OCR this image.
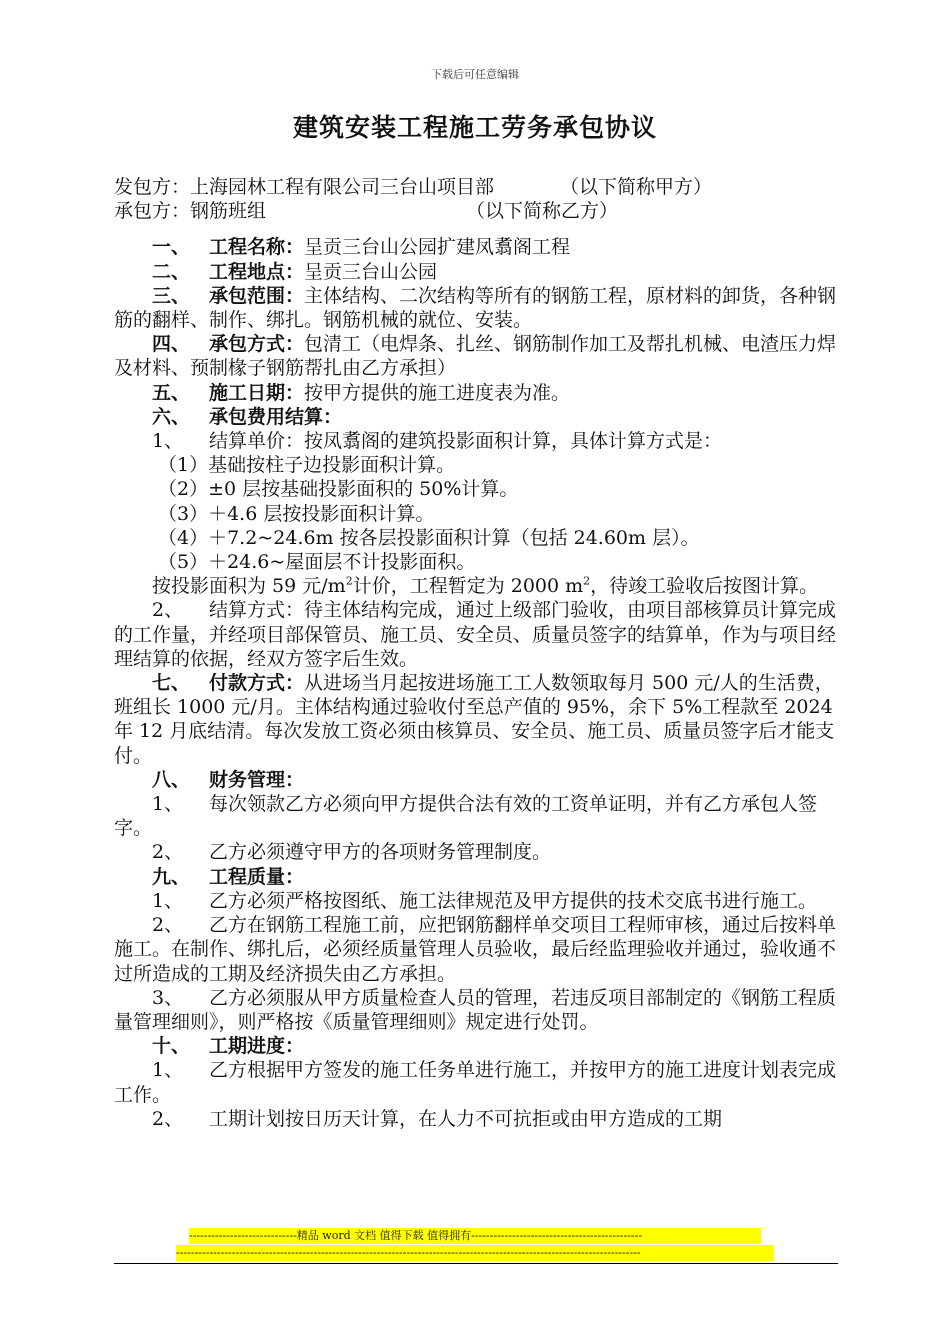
下载后可任意编辑
建筑安装工程施工劳务承包协议

发包方：上海园林工程有限公司三台山项目部	（以下简称甲方）

承包方：钢筋班组	（以下简称乙方）

一、 工程名称：呈贡三台山公园扩建凤翥阁工程

二、 工程地点：呈贡三台山公园

三、 承包范围：主体结构、二次结构等所有的钢筋工程，原材料的卸货，各种钢筋的翻样、制作、绑扎。钢筋机械的就位、安装。

四、 承包方式：包清工（电焊条、扎丝、钢筋制作加工及帮扎机械、电渣压力焊及材料、预制椽子钢筋帮扎由乙方承担）

五、 施工日期：按甲方提供的施工进度表为准。

六、 承包费用结算：

1、 结算单价：按凤翥阁的建筑投影面积计算，具体计算方式是：

（1）基础按柱子边投影面积计算。

（2）±0 层按基础投影面积的 50%计算。

（3）＋4.6 层按投影面积计算。

（4）＋7.2~24.6m 按各层投影面积计算（包括 24.60m 层）。

（5）＋24.6~屋面层不计投影面积。

按投影面积为 59 元$/m^2$计价，工程暂定为 2000 $m^2$，待竣工验收后按图计算。

2、 结算方式：待主体结构完成，通过上级部门验收，由项目部核算员计算完成的工作量，并经项目部保管员、施工员、安全员、质量员签字的结算单，作为与项目经理结算的依据，经双方签字后生效。

七、 付款方式：从进场当月起按进场施工工人数领取每月 500 元/人的生活费，班组长 1000 元/月。主体结构通过验收付至总产值的 95%，余下 5%工程款至 2024 年 12 月底结清。每次发放工资必须由核算员、安全员、施工员、质量员签字后才能支付。

八、 财务管理：

1、 每次领款乙方必须向甲方提供合法有效的工资单证明，并有乙方承包人签字。

2、 乙方必须遵守甲方的各项财务管理制度。

九、 工程质量：

1、 乙方必须严格按图纸、施工法律规范及甲方提供的技术交底书进行施工。

2、 乙方在钢筋工程施工前，应把钢筋翻样单交项目工程师审核，通过后按料单施工。在制作、绑扎后，必须经质量管理人员验收，最后经监理验收并通过，验收通不过所造成的工期及经济损失由乙方承担。

3、 乙方必须服从甲方质量检查人员的管理，若违反项目部制定的《钢筋工程质量管理细则》，则严格按《质量管理细则》规定进行处罚。

十、 工期进度：

1、 乙方根据甲方签发的施工任务单进行施工，并按甲方的施工进度计划表完成工作。

2、 工期计划按日历天计算，在人力不可抗拒或由甲方造成的工期

-----------------------------精品 word 文档 值得下载 值得拥有----------------------------------------------
-----------------------------------------------------------------------------------------------------------------------------
